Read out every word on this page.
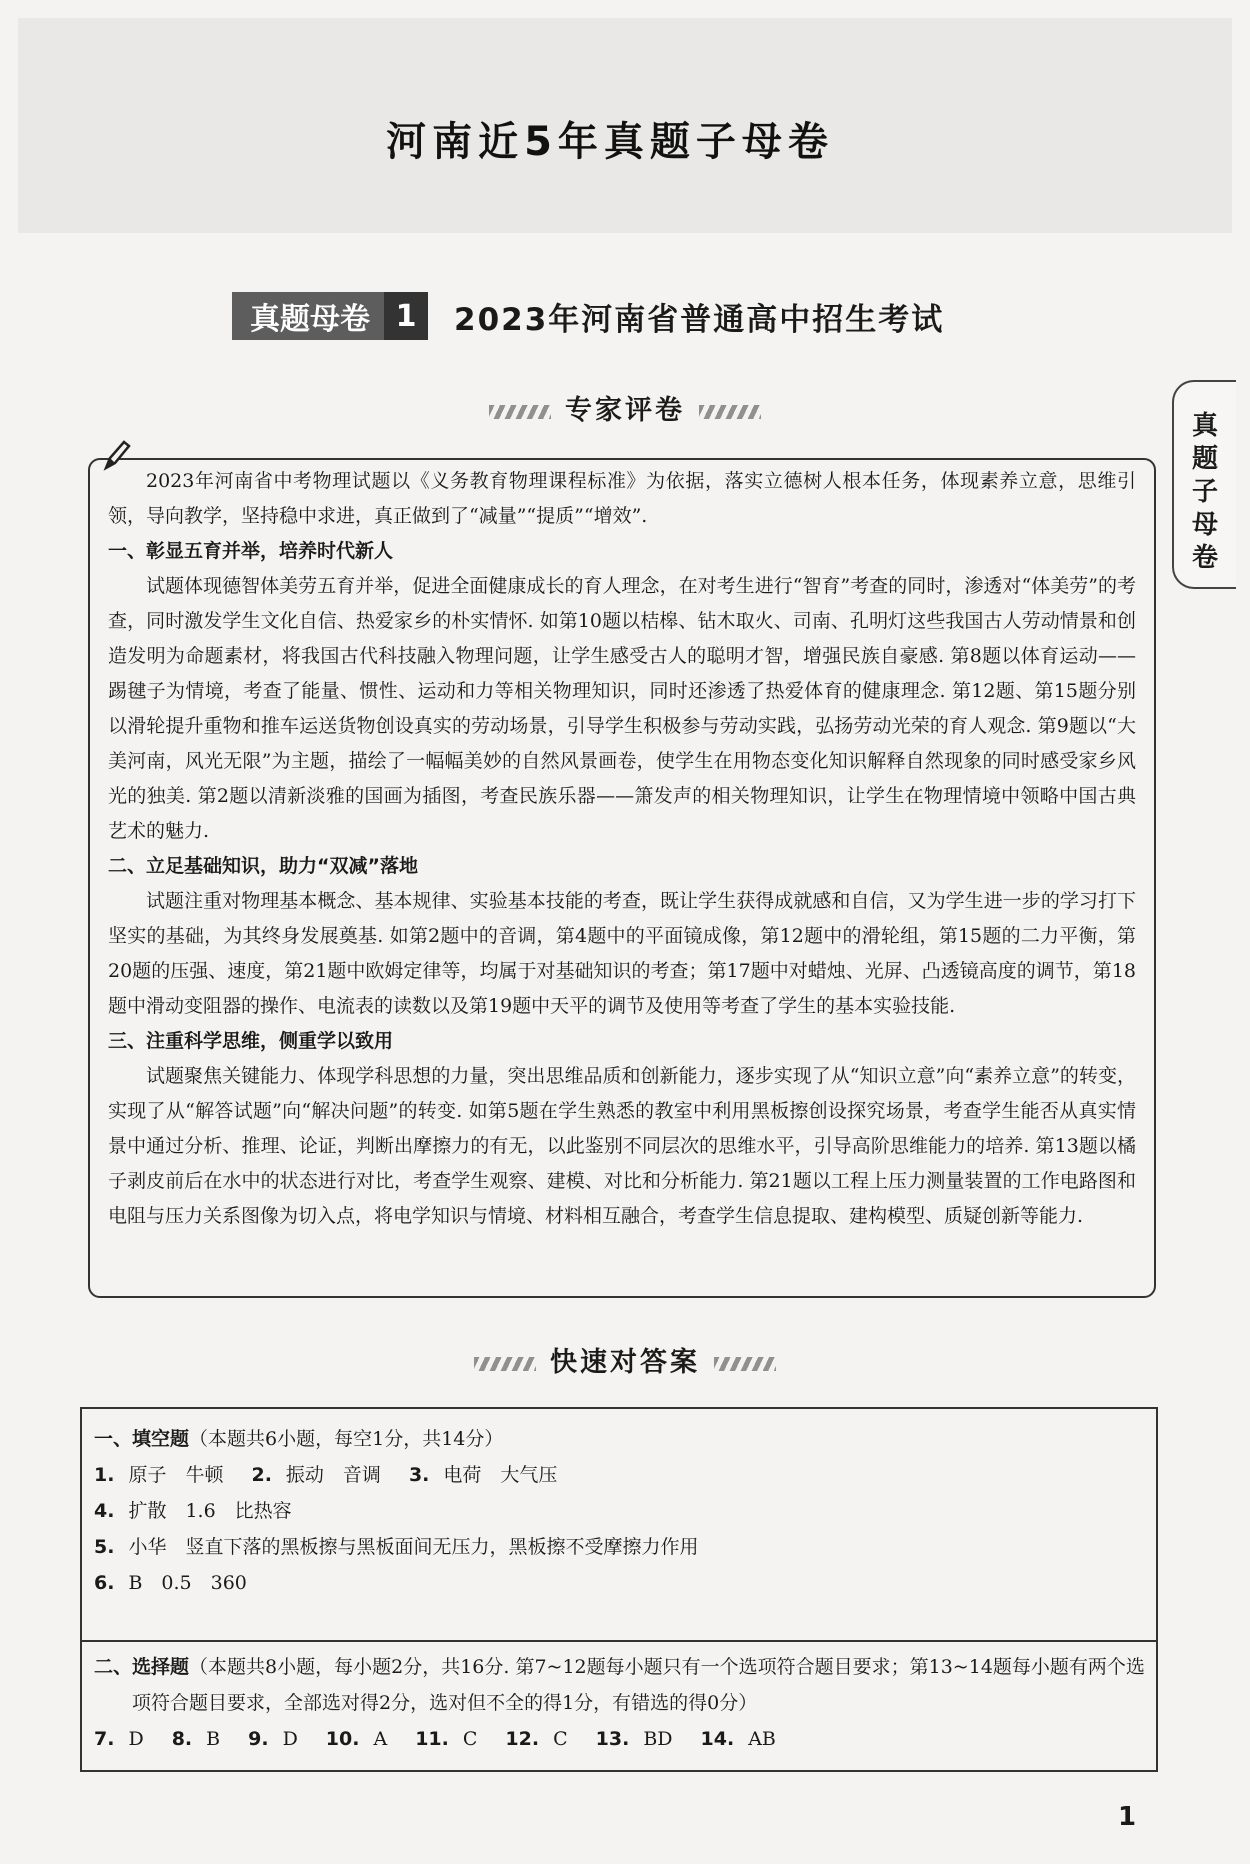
河南近5年真题子母卷
真题母卷 1	2023年河南省普通高中招生考试
专家评卷	真题子母卷

2023年河南省中考物理试题以《义务教育物理课程标准》为依据，落实立德树人根本任务，体现素养立意，思维引领，导向教学，坚持稳中求进，真正做到了“减量”“提质”“增效”.

一、彰显五育并举，培养时代新人

试题体现德智体美劳五育并举，促进全面健康成长的育人理念，在对考生进行“智育”考查的同时，渗透对“体美劳”的考查，同时激发学生文化自信、热爱家乡的朴实情怀. 如第10题以桔槔、钻木取火、司南、孔明灯这些我国古人劳动情景和创造发明为命题素材，将我国古代科技融入物理问题，让学生感受古人的聪明才智，增强民族自豪感. 第8题以体育运动——踢毽子为情境，考查了能量、惯性、运动和力等相关物理知识，同时还渗透了热爱体育的健康理念. 第12题、第15题分别以滑轮提升重物和推车运送货物创设真实的劳动场景，引导学生积极参与劳动实践，弘扬劳动光荣的育人观念. 第9题以“大美河南，风光无限”为主题，描绘了一幅幅美妙的自然风景画卷，使学生在用物态变化知识解释自然现象的同时感受家乡风光的独美. 第2题以清新淡雅的国画为插图，考查民族乐器——箫发声的相关物理知识，让学生在物理情境中领略中国古典艺术的魅力.

二、立足基础知识，助力“双减”落地

试题注重对物理基本概念、基本规律、实验基本技能的考查，既让学生获得成就感和自信，又为学生进一步的学习打下坚实的基础，为其终身发展奠基. 如第2题中的音调，第4题中的平面镜成像，第12题中的滑轮组，第15题的二力平衡，第20题的压强、速度，第21题中欧姆定律等，均属于对基础知识的考查；第17题中对蜡烛、光屏、凸透镜高度的调节，第18题中滑动变阻器的操作、电流表的读数以及第19题中天平的调节及使用等考查了学生的基本实验技能.

三、注重科学思维，侧重学以致用

试题聚焦关键能力、体现学科思想的力量，突出思维品质和创新能力，逐步实现了从“知识立意”向“素养立意”的转变，实现了从“解答试题”向“解决问题”的转变. 如第5题在学生熟悉的教室中利用黑板擦创设探究场景，考查学生能否从真实情景中通过分析、推理、论证，判断出摩擦力的有无，以此鉴别不同层次的思维水平，引导高阶思维能力的培养. 第13题以橘子剥皮前后在水中的状态进行对比，考查学生观察、建模、对比和分析能力. 第21题以工程上压力测量装置的工作电路图和电阻与压力关系图像为切入点，将电学知识与情境、材料相互融合，考查学生信息提取、建构模型、质疑创新等能力.

快速对答案
一、填空题（本题共6小题，每空1分，共14分）
1. 原子　牛顿 2. 振动　音调 3. 电荷　大气压
4. 扩散　1.6　比热容
5. 小华　竖直下落的黑板擦与黑板面间无压力，黑板擦不受摩擦力作用
6. B　0.5　360
二、选择题（本题共8小题，每小题2分，共16分. 第7~12题每小题只有一个选项符合题目要求；第13~14题每小题有两个选项符合题目要求，全部选对得2分，选对但不全的得1分，有错选的得0分）
7. D 8. B 9. D 10. A 11. C 12. C 13. BD 14. AB
1
